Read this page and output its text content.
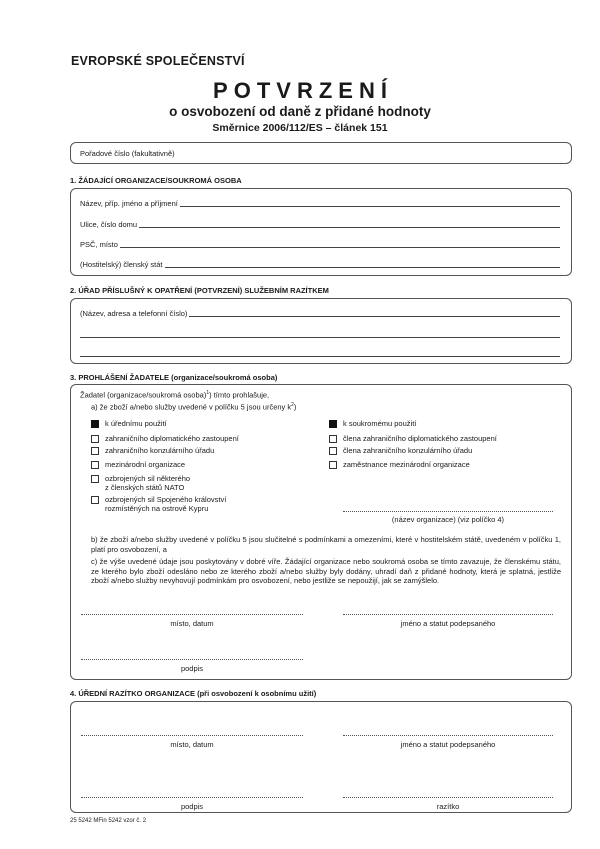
EVROPSKÉ SPOLEČENSTVÍ
POTVRZENÍ
o osvobození od daně z přidané hodnoty
Směrnice 2006/112/ES – článek 151
Pořadové číslo (fakultativně)
1. ŽÁDAJÍCÍ ORGANIZACE/SOUKROMÁ OSOBA
Název, příp. jméno a příjmení
Ulice, číslo domu
PSČ, místo
(Hostitelský) členský stát
2. ÚŘAD PŘÍSLUŠNÝ K OPATŘENÍ (POTVRZENÍ) SLUŽEBNÍM RAZÍTKEM
(Název, adresa a telefonní číslo)
3. PROHLÁŠENÍ ŽADATELE (organizace/soukromá osoba)
Žadatel (organizace/soukromá osoba)$^1$) tímto prohlašuje,
a) že zboží a/nebo služby uvedené v políčku 5 jsou určeny $k^2$)
k úřednímu použití
zahraničního diplomatického zastoupení
zahraničního konzulárního úřadu
mezinárodní organizace
ozbrojených sil některého
z členských států NATO
ozbrojených sil Spojeného království
rozmístěných na ostrově Kypru
k soukromému použití
člena zahraničního diplomatického zastoupení
člena zahraničního konzulárního úřadu
zaměstnance mezinárodní organizace
(název organizace) (viz políčko 4)
b) že zboží a/nebo služby uvedené v políčku 5 jsou slučitelné s podmínkami a omezeními, které v hostitelském státě, uvedeném v políčku 1, platí pro osvobození, a
c) že výše uvedené údaje jsou poskytovány v dobré víře. Žádající organizace nebo soukromá osoba se tímto zavazuje, že členskému státu, ze kterého bylo zboží odesláno nebo ze kterého zboží a/nebo služby byly dodány, uhradí daň z přidané hodnoty, která je splatná, jestliže zboží a/nebo služby nevyhovují podmínkám pro osvobození, nebo jestliže se nepoužijí, jak se zamýšlelo.
místo, datum	jméno a statut podepsaného
podpis
4. ÚŘEDNÍ RAZÍTKO ORGANIZACE (při osvobození k osobnímu užití)
místo, datum	jméno a statut podepsaného
podpis	razítko
25 5242 MFin 5242 vzor č. 2
